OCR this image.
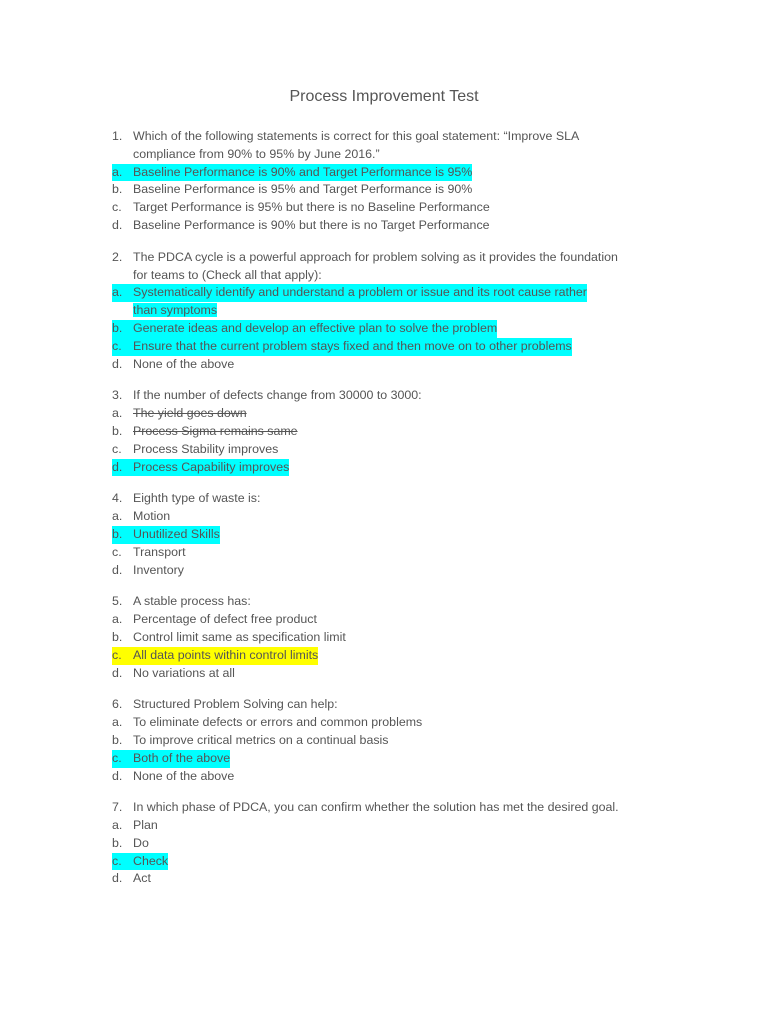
Process Improvement Test
1. Which of the following statements is correct for this goal statement: “Improve SLA compliance from 90% to 95% by June 2016.”
a. Baseline Performance is 90% and Target Performance is 95%
b. Baseline Performance is 95% and Target Performance is 90%
c. Target Performance is 95% but there is no Baseline Performance
d. Baseline Performance is 90% but there is no Target Performance
2. The PDCA cycle is a powerful approach for problem solving as it provides the foundation for teams to (Check all that apply):
a. Systematically identify and understand a problem or issue and its root cause rather
than symptoms
b. Generate ideas and develop an effective plan to solve the problem
c. Ensure that the current problem stays fixed and then move on to other problems
d. None of the above
3. If the number of defects change from 30000 to 3000:
a. The yield goes down
b. Process Sigma remains same
c. Process Stability improves
d. Process Capability improves
4. Eighth type of waste is:
a. Motion
b. Unutilized Skills
c. Transport
d. Inventory
5. A stable process has:
a. Percentage of defect free product
b. Control limit same as specification limit
c. All data points within control limits
d. No variations at all
6. Structured Problem Solving can help:
a. To eliminate defects or errors and common problems
b. To improve critical metrics on a continual basis
c. Both of the above
d. None of the above
7. In which phase of PDCA, you can confirm whether the solution has met the desired goal.
a. Plan
b. Do
c. Check
d. Act
